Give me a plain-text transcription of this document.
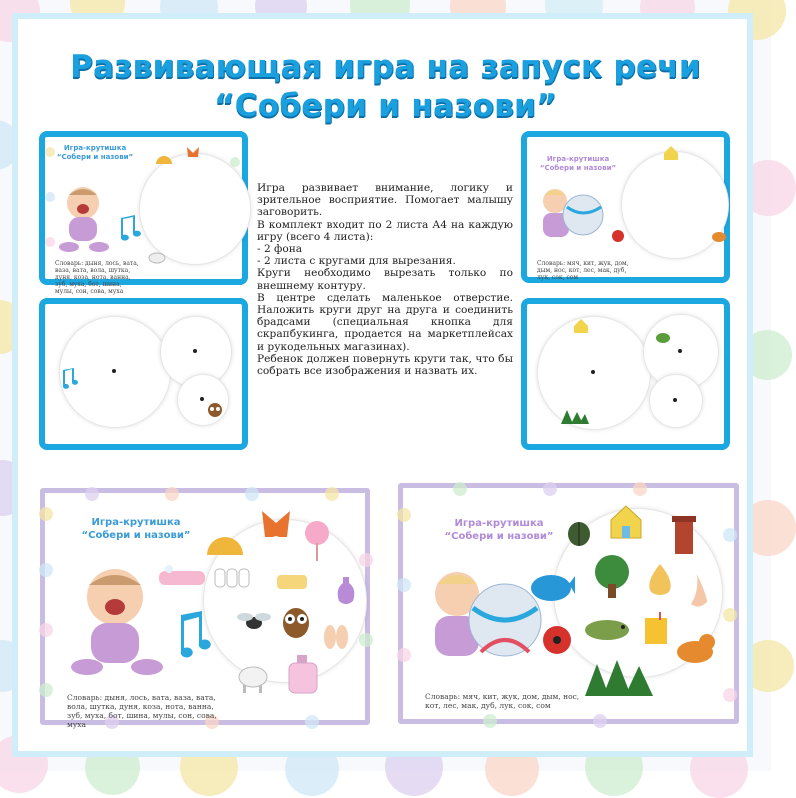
Развивающая игра на запуск речи
“Собери и назови”
Игра-крутишка
“Собери и назови”
Словарь: дыня, лось, вата, ваза, вата, вола, шутка, дуня, коза, нота, ванна, зуб, муха, бот, шина, мулы, сон, сова, муха

Игра развивает внимание, логику и зрительное восприятие. Помогает малышу заговорить.

В комплект входит по 2 листа А4 на каждую игру (всего 4 листа):

- 2 фона

- 2 листа с кругами для вырезания.

Круги необходимо вырезать только по внешнему контуру.

В центре сделать маленькое отверстие. Наложить круги друг на друга и соединить брадсами (специальная кнопка для скрапбукинга, продается на маркетплейсах и рукодельных магазинах).

Ребенок должен повернуть круги так, что бы собрать все изображения и назвать их.

Игра-крутишка
“Собери и назови”
Словарь: мяч, кит, жук, дом, дым, нос, кот, лес, мак, дуб, лук, сок, сом
Игра-крутишка
“Собери и назови”
Словарь: дыня, лось, вата, ваза, вата, вола, шутка, дуня, коза, нота, ванна, зуб, муха, бот, шина, мулы, сон, сова, муха
Игра-крутишка
“Собери и назови”
Словарь: мяч, кит, жук, дом, дым, нос, кот, лес, мак, дуб, лук, сок, сом
